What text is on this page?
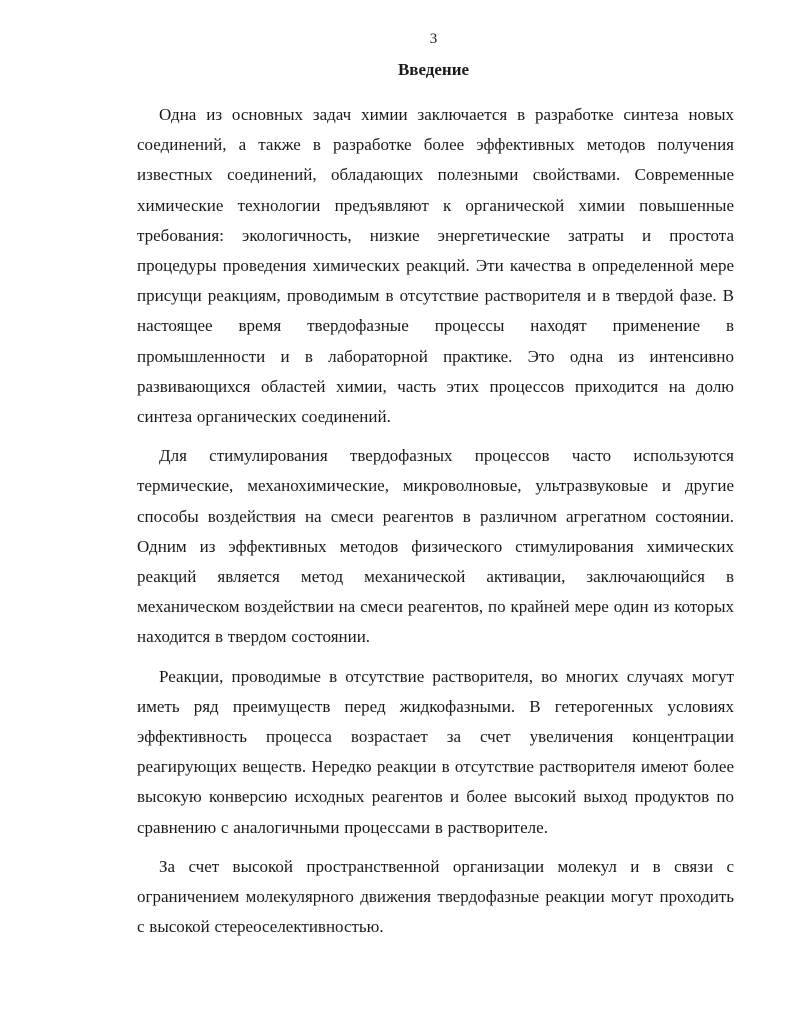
3
Введение

Одна из основных задач химии заключается в разработке синтеза новых соединений, а также в разработке более эффективных методов получения известных соединений, обладающих полезными свойствами. Современные химические технологии предъявляют к органической химии повышенные требования: экологичность, низкие энергетические затраты и простота процедуры проведения химических реакций. Эти качества в определенной мере присущи реакциям, проводимым в отсутствие растворителя и в твердой фазе. В настоящее время твердофазные процессы находят применение в промышленности и в лабораторной практике. Это одна из интенсивно развивающихся областей химии, часть этих процессов приходится на долю синтеза органических соединений.

Для стимулирования твердофазных процессов часто используются термические, механохимические, микроволновые, ультразвуковые и другие способы воздействия на смеси реагентов в различном агрегатном состоянии. Одним из эффективных методов физического стимулирования химических реакций является метод механической активации, заключающийся в механическом воздействии на смеси реагентов, по крайней мере один из которых находится в твердом состоянии.

Реакции, проводимые в отсутствие растворителя, во многих случаях могут иметь ряд преимуществ перед жидкофазными. В гетерогенных условиях эффективность процесса возрастает за счет увеличения концентрации реагирующих веществ. Нередко реакции в отсутствие растворителя имеют более высокую конверсию исходных реагентов и более высокий выход продуктов по сравнению с аналогичными процессами в растворителе.

За счет высокой пространственной организации молекул и в связи с ограничением молекулярного движения твердофазные реакции могут проходить с высокой стереоселективностью.
